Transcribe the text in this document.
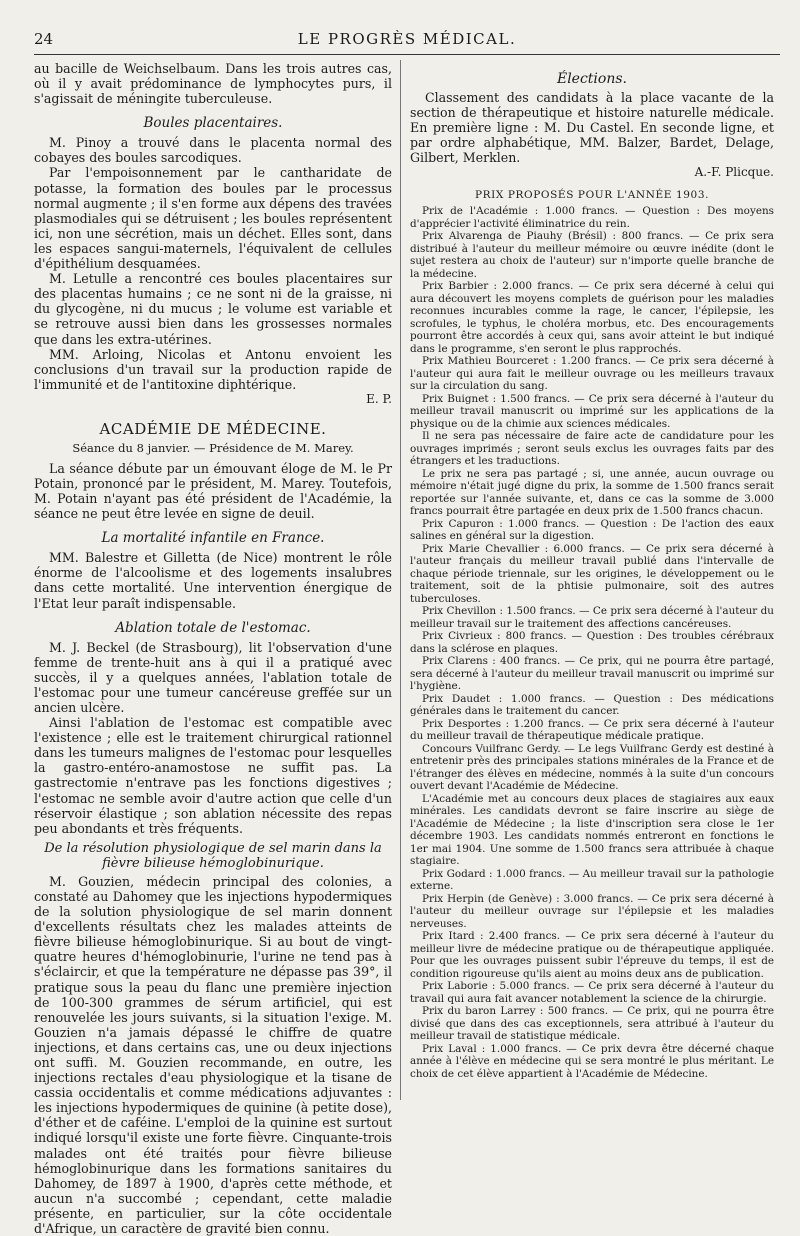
24	LE PROGRÈS MÉDICAL.

au bacille de Weichselbaum. Dans les trois autres cas, où il y avait prédominance de lymphocytes purs, il s'agissait de méningite tuberculeuse.

Boules placentaires.

M. Pinoy a trouvé dans le placenta normal des cobayes des boules sarcodiques.

Par l'empoisonnement par le cantharidate de potasse, la formation des boules par le processus normal augmente ; il s'en forme aux dépens des travées plasmodiales qui se détruisent ; les boules représentent ici, non une sécrétion, mais un déchet. Elles sont, dans les espaces sangui-maternels, l'équivalent de cellules d'épithélium desquamées.

M. Letulle a rencontré ces boules placentaires sur des placentas humains ; ce ne sont ni de la graisse, ni du glycogène, ni du mucus ; le volume est variable et se retrouve aussi bien dans les grossesses normales que dans les extra-utérines.

MM. Arloing, Nicolas et Antonu envoient les conclusions d'un travail sur la production rapide de l'immunité et de l'antitoxine diphtérique.

E. P.
ACADÉMIE DE MÉDECINE.
Séance du 8 janvier. — Présidence de M. Marey.

La séance débute par un émouvant éloge de M. le Pr Potain, prononcé par le président, M. Marey. Toutefois, M. Potain n'ayant pas été président de l'Académie, la séance ne peut être levée en signe de deuil.

La mortalité infantile en France.

MM. Balestre et Gilletta (de Nice) montrent le rôle énorme de l'alcoolisme et des logements insalubres dans cette mortalité. Une intervention énergique de l'Etat leur paraît indispensable.

Ablation totale de l'estomac.

M. J. Beckel (de Strasbourg), lit l'observation d'une femme de trente-huit ans à qui il a pratiqué avec succès, il y a quelques années, l'ablation totale de l'estomac pour une tumeur cancéreuse greffée sur un ancien ulcère.

Ainsi l'ablation de l'estomac est compatible avec l'existence ; elle est le traitement chirurgical rationnel dans les tumeurs malignes de l'estomac pour lesquelles la gastro-entéro-anamostose ne suffit pas. La gastrectomie n'entrave pas les fonctions digestives ; l'estomac ne semble avoir d'autre action que celle d'un réservoir élastique ; son ablation nécessite des repas peu abondants et très fréquents.

De la résolution physiologique de sel marin dans la fièvre bilieuse hémoglobinurique.

M. Gouzien, médecin principal des colonies, a constaté au Dahomey que les injections hypodermiques de la solution physiologique de sel marin donnent d'excellents résultats chez les malades atteints de fièvre bilieuse hémoglobinurique. Si au bout de vingt-quatre heures d'hémoglobinurie, l'urine ne tend pas à s'éclaircir, et que la température ne dépasse pas 39°, il pratique sous la peau du flanc une première injection de 100-300 grammes de sérum artificiel, qui est renouvelée les jours suivants, si la situation l'exige. M. Gouzien n'a jamais dépassé le chiffre de quatre injections, et dans certains cas, une ou deux injections ont suffi. M. Gouzien recommande, en outre, les injections rectales d'eau physiologique et la tisane de cassia occidentalis et comme médications adjuvantes : les injections hypodermiques de quinine (à petite dose), d'éther et de caféine. L'emploi de la quinine est surtout indiqué lorsqu'il existe une forte fièvre. Cinquante-trois malades ont été traités pour fièvre bilieuse hémoglobinurique dans les formations sanitaires du Dahomey, de 1897 à 1900, d'après cette méthode, et aucun n'a succombé ; cependant, cette maladie présente, en particulier, sur la côte occidentale d'Afrique, un caractère de gravité bien connu.

Élections.

Classement des candidats à la place vacante de la section de thérapeutique et histoire naturelle médicale. En première ligne : M. Du Castel. En seconde ligne, et par ordre alphabétique, MM. Balzer, Bardet, Delage, Gilbert, Merklen.

A.-F. Plicque.
PRIX PROPOSÉS POUR L'ANNÉE 1903.

Prix de l'Académie : 1.000 francs. — Question : Des moyens d'apprécier l'activité éliminatrice du rein.

Prix Alvarenga de Piauhy (Brésil) : 800 francs. — Ce prix sera distribué à l'auteur du meilleur mémoire ou œuvre inédite (dont le sujet restera au choix de l'auteur) sur n'importe quelle branche de la médecine.

Prix Barbier : 2.000 francs. — Ce prix sera décerné à celui qui aura découvert les moyens complets de guérison pour les maladies reconnues incurables comme la rage, le cancer, l'épilepsie, les scrofules, le typhus, le choléra morbus, etc. Des encouragements pourront être accordés à ceux qui, sans avoir atteint le but indiqué dans le programme, s'en seront le plus rapprochés.

Prix Mathieu Bourceret : 1.200 francs. — Ce prix sera décerné à l'auteur qui aura fait le meilleur ouvrage ou les meilleurs travaux sur la circulation du sang.

Prix Buignet : 1.500 francs. — Ce prix sera décerné à l'auteur du meilleur travail manuscrit ou imprimé sur les applications de la physique ou de la chimie aux sciences médicales.

Il ne sera pas nécessaire de faire acte de candidature pour les ouvrages imprimés ; seront seuls exclus les ouvrages faits par des étrangers et les traductions.

Le prix ne sera pas partagé ; si, une année, aucun ouvrage ou mémoire n'était jugé digne du prix, la somme de 1.500 francs serait reportée sur l'année suivante, et, dans ce cas la somme de 3.000 francs pourrait être partagée en deux prix de 1.500 francs chacun.

Prix Capuron : 1.000 francs. — Question : De l'action des eaux salines en général sur la digestion.

Prix Marie Chevallier : 6.000 francs. — Ce prix sera décerné à l'auteur français du meilleur travail publié dans l'intervalle de chaque période triennale, sur les origines, le développement ou le traitement, soit de la phtisie pulmonaire, soit des autres tuberculoses.

Prix Chevillon : 1.500 francs. — Ce prix sera décerné à l'auteur du meilleur travail sur le traitement des affections cancéreuses.

Prix Civrieux : 800 francs. — Question : Des troubles cérébraux dans la sclérose en plaques.

Prix Clarens : 400 francs. — Ce prix, qui ne pourra être partagé, sera décerné à l'auteur du meilleur travail manuscrit ou imprimé sur l'hygiène.

Prix Daudet : 1.000 francs. — Question : Des médications générales dans le traitement du cancer.

Prix Desportes : 1.200 francs. — Ce prix sera décerné à l'auteur du meilleur travail de thérapeutique médicale pratique.

Concours Vuilfranc Gerdy. — Le legs Vuilfranc Gerdy est destiné à entretenir près des principales stations minérales de la France et de l'étranger des élèves en médecine, nommés à la suite d'un concours ouvert devant l'Académie de Médecine.

L'Académie met au concours deux places de stagiaires aux eaux minérales. Les candidats devront se faire inscrire au siège de l'Académie de Médecine ; la liste d'inscription sera close le 1er décembre 1903. Les candidats nommés entreront en fonctions le 1er mai 1904. Une somme de 1.500 francs sera attribuée à chaque stagiaire.

Prix Godard : 1.000 francs. — Au meilleur travail sur la pathologie externe.

Prix Herpin (de Genève) : 3.000 francs. — Ce prix sera décerné à l'auteur du meilleur ouvrage sur l'épilepsie et les maladies nerveuses.

Prix Itard : 2.400 francs. — Ce prix sera décerné à l'auteur du meilleur livre de médecine pratique ou de thérapeutique appliquée. Pour que les ouvrages puissent subir l'épreuve du temps, il est de condition rigoureuse qu'ils aient au moins deux ans de publication.

Prix Laborie : 5.000 francs. — Ce prix sera décerné à l'auteur du travail qui aura fait avancer notablement la science de la chirurgie.

Prix du baron Larrey : 500 francs. — Ce prix, qui ne pourra être divisé que dans des cas exceptionnels, sera attribué à l'auteur du meilleur travail de statistique médicale.

Prix Laval : 1.000 francs. — Ce prix devra être décerné chaque année à l'élève en médecine qui se sera montré le plus méritant. Le choix de cet élève appartient à l'Académie de Médecine.
